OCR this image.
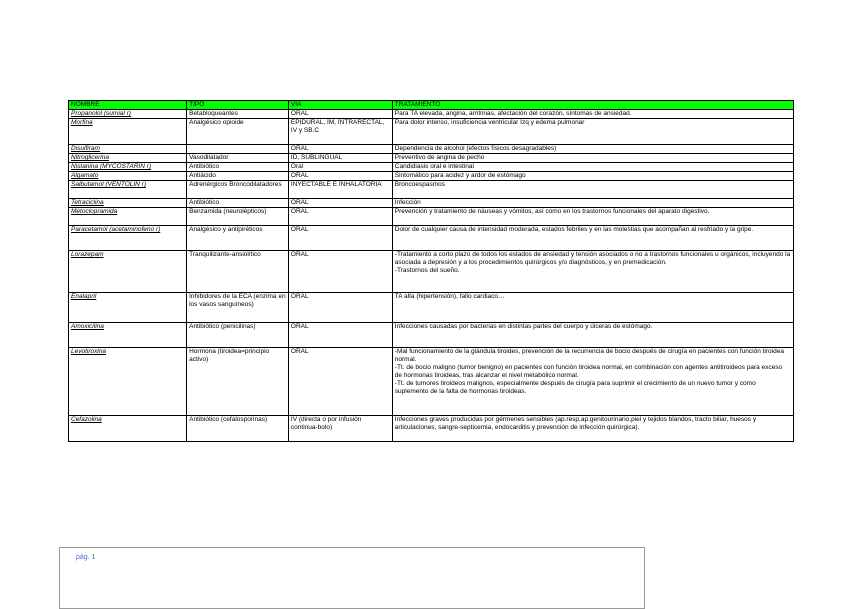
NOMBRE	TIPO	VIA	TRATAMIENTO
Propanolol (sumial r)	Betabloqueantes	ORAL	Para TA elevada, angina, arritmias, afectación del corazón, síntomas de ansiedad.
Morfina	Analgésico opioide	EPIDURAL, IM, INTRARECTAL, IV y SB.C	Para dolor intenso, insuficiencia ventricular Izq y edema pulmonar
Disulfiram		ORAL	Dependencia de alcohol (efectos físicos desagradables)
Nitroglicerina	Vasodilatador	ID, SUBLINGUAL	Preventivo de angina de pecho
Nistanina (MYCOSTARIN r)	Antibiótico	Oral	Candidiasis oral e intestinal
Algamato	Antiácido	ORAL	Sintomático para acidez y ardor de estómago
Salbutamol (VENTOLIN r)	Adrenérgicos Broncodilatadores	INYECTABLE E INHALATORIA	Broncoespasmos
Tetraciclina	Antibiótico	ORAL	Infección
Metoclopramida	Benzamida (neurolépticos)	ORAL	Prevención y tratamiento de náuseas y vómitos, así como en los trastornos funcionales del aparato digestivo.
Paracetamol (acetaminofeno r)	Analgésico y antipiréticos	ORAL	Dolor de cualquier causa de intensidad moderada, estados febriles y en las molestias que acompañan al resfriado y la gripe.
Lorazepam	Tranquilizante-ansiolítico	ORAL	-Tratamiento a corto plazo de todos los estados de ansiedad y tensión asociados o no a trastornos funcionales u orgánicos, incluyendo la asociada a depresión y a los procedimientos quirúrgicos y/o diagnósticos, y en premedicación.
-Trastornos del sueño.

Enalapril	Inhibidores de la ECA (enzima en los vasos sanguíneos)	ORAL	TA alta (hipertensión), fallo cardiaco…
Amoxicilina	Antibiótico (penicilinas)	ORAL	Infecciones causadas por bacterias en distintas partes del cuerpo y úlceras de estómago.
Levotiroxina	Hormona (tiroidea=principio activo)	ORAL	-Mal funcionamiento de la glándula tiroides, prevención de la recurrencia de bocio después de cirugía en pacientes con función tiroidea normal.
-Tt. de bocio maligno (tumor benigno) en pacientes con función tiroidea normal, en combinación con agentes antitiroideos para exceso de hormonas tiroideas, tras alcanzar el nivel metabólico normal.
-Tt. de tumores tiroideos malignos, especialmente después de cirugía para suprimir el crecimiento de un nuevo tumor y como suplemento de la falta de hormonas tiroideas.

Cefazolina	Antibiótico (cefalosporinas)	IV (directa o por infusión continua-bolo)	Infecciones graves producidas por gérmenes sensibles (ap.resp,ap.genitourinario,piel y tejidos blandos, tracto biliar, huesos y articulaciones, sangre-septicemia, endocarditis y prevención de infección quirúrgica).
pág. 1
